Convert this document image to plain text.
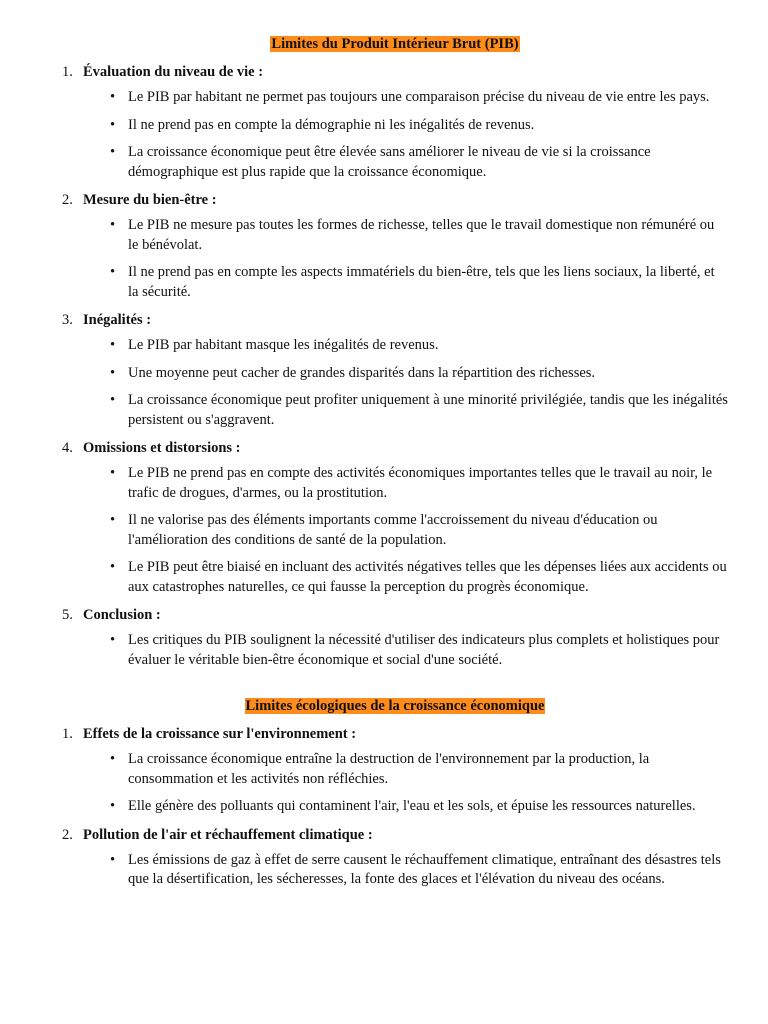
Limites du Produit Intérieur Brut (PIB)
1. Évaluation du niveau de vie :
• Le PIB par habitant ne permet pas toujours une comparaison précise du niveau de vie entre les pays.
• Il ne prend pas en compte la démographie ni les inégalités de revenus.
• La croissance économique peut être élevée sans améliorer le niveau de vie si la croissance démographique est plus rapide que la croissance économique.
2. Mesure du bien-être :
• Le PIB ne mesure pas toutes les formes de richesse, telles que le travail domestique non rémunéré ou le bénévolat.
• Il ne prend pas en compte les aspects immatériels du bien-être, tels que les liens sociaux, la liberté, et la sécurité.
3. Inégalités :
• Le PIB par habitant masque les inégalités de revenus.
• Une moyenne peut cacher de grandes disparités dans la répartition des richesses.
• La croissance économique peut profiter uniquement à une minorité privilégiée, tandis que les inégalités persistent ou s'aggravent.
4. Omissions et distorsions :
• Le PIB ne prend pas en compte des activités économiques importantes telles que le travail au noir, le trafic de drogues, d'armes, ou la prostitution.
• Il ne valorise pas des éléments importants comme l'accroissement du niveau d'éducation ou l'amélioration des conditions de santé de la population.
• Le PIB peut être biaisé en incluant des activités négatives telles que les dépenses liées aux accidents ou aux catastrophes naturelles, ce qui fausse la perception du progrès économique.
5. Conclusion :
• Les critiques du PIB soulignent la nécessité d'utiliser des indicateurs plus complets et holistiques pour évaluer le véritable bien-être économique et social d'une société.
Limites écologiques de la croissance économique
1. Effets de la croissance sur l'environnement :
• La croissance économique entraîne la destruction de l'environnement par la production, la consommation et les activités non réfléchies.
• Elle génère des polluants qui contaminent l'air, l'eau et les sols, et épuise les ressources naturelles.
2. Pollution de l'air et réchauffement climatique :
• Les émissions de gaz à effet de serre causent le réchauffement climatique, entraînant des désastres tels que la désertification, les sécheresses, la fonte des glaces et l'élévation du niveau des océans.
